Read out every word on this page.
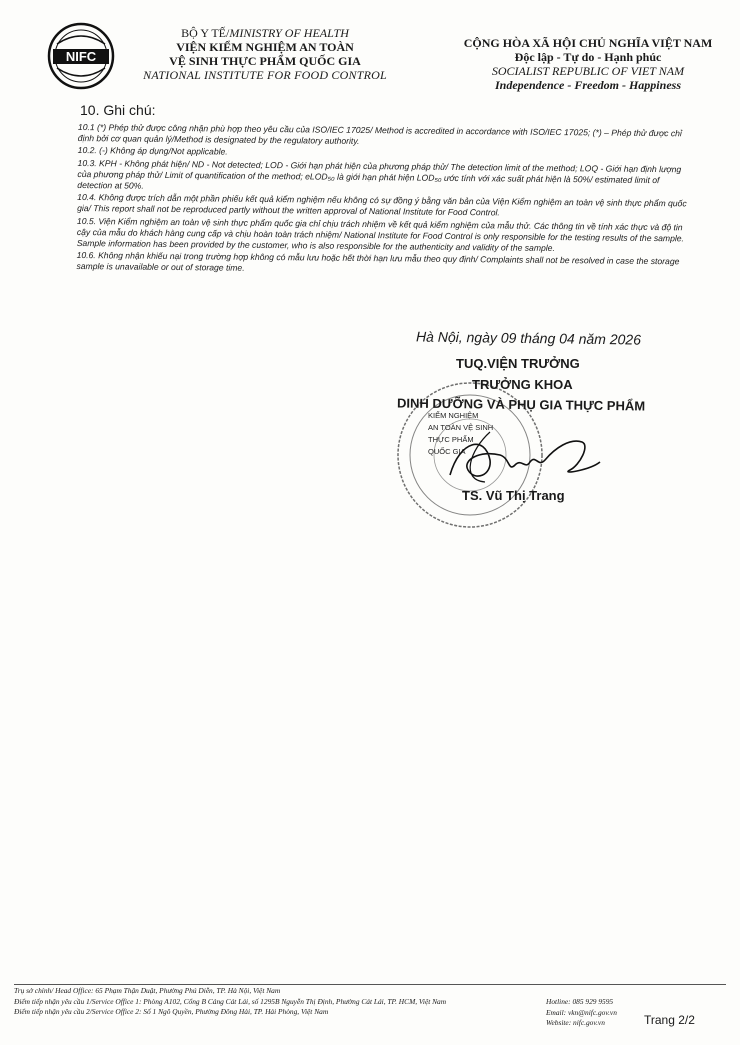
NIFC
BỘ Y TẾ/MINISTRY OF HEALTH
VIỆN KIỂM NGHIỆM AN TOÀN
VỆ SINH THỰC PHẨM QUỐC GIA
NATIONAL INSTITUTE FOR FOOD CONTROL
CỘNG HÒA XÃ HỘI CHỦ NGHĨA VIỆT NAM
Độc lập - Tự do - Hạnh phúc
SOCIALIST REPUBLIC OF VIET NAM
Independence - Freedom - Happiness
10. Ghi chú:

10.1 (*) Phép thử được công nhận phù hợp theo yêu cầu của ISO/IEC 17025/ Method is accredited in accordance with ISO/IEC 17025; (*) – Phép thử được chỉ định bởi cơ quan quản lý/Method is designated by the regulatory authority.

10.2. (-) Không áp dụng/Not applicable.

10.3. KPH - Không phát hiện/ ND - Not detected; LOD - Giới hạn phát hiện của phương pháp thử/ The detection limit of the method; LOQ - Giới hạn định lượng của phương pháp thử/ Limit of quantification of the method; eLOD₅₀ là giới hạn phát hiện LOD₅₀ ước tính với xác suất phát hiện là 50%/ estimated limit of detection at 50%.

10.4. Không được trích dẫn một phần phiếu kết quả kiểm nghiệm nếu không có sự đồng ý bằng văn bản của Viện Kiểm nghiệm an toàn vệ sinh thực phẩm quốc gia/ This report shall not be reproduced partly without the written approval of National Institute for Food Control.

10.5. Viện Kiểm nghiệm an toàn vệ sinh thực phẩm quốc gia chỉ chịu trách nhiệm về kết quả kiểm nghiệm của mẫu thử. Các thông tin về tính xác thực và độ tin cậy của mẫu do khách hàng cung cấp và chịu hoàn toàn trách nhiệm/ National Institute for Food Control is only responsible for the testing results of the sample. Sample information has been provided by the customer, who is also responsible for the authenticity and validity of the sample.

10.6. Không nhận khiếu nại trong trường hợp không có mẫu lưu hoặc hết thời hạn lưu mẫu theo quy định/ Complaints shall not be resolved in case the storage sample is unavailable or out of storage time.

KIỂM NGHIỆM
AN TOÀN VỆ SINH
THỰC PHẨM
QUỐC GIA
Hà Nội, ngày 09 tháng 04 năm 2026
TUQ.VIỆN TRƯỞNG
TRƯỞNG KHOA
DINH DƯỠNG VÀ PHỤ GIA THỰC PHẨM
TS. Vũ Thị Trang
Trụ sở chính/ Head Office: 65 Phạm Thận Duật, Phường Phú Diễn, TP. Hà Nội, Việt Nam
Điểm tiếp nhận yêu cầu 1/Service Office 1: Phòng A102, Cổng B Cảng Cát Lái, số 1295B Nguyễn Thị Định, Phường Cát Lái, TP. HCM, Việt Nam
Điểm tiếp nhận yêu cầu 2/Service Office 2: Số 1 Ngô Quyền, Phường Đông Hải, TP. Hải Phòng, Việt Nam
Hotline: 085 929 9595
Email: vkn@nifc.gov.vn
Website: nifc.gov.vn	Trang 2/2
